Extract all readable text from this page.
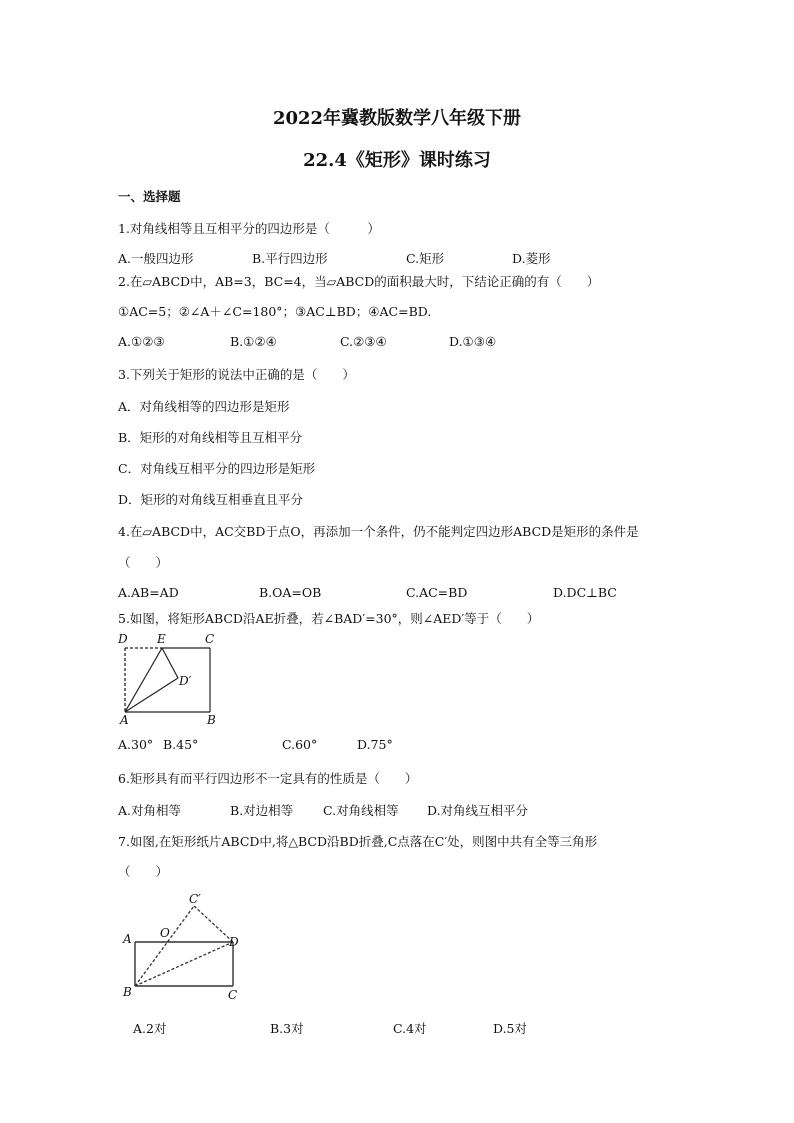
2022年冀教版数学八年级下册
22.4《矩形》课时练习
一、选择题
1.对角线相等且互相平分的四边形是（　　　）
A.一般四边形	B.平行四边形	C.矩形	D.菱形
2.在▱ABCD中，AB=3，BC=4，当▱ABCD的面积最大时，下结论正确的有（　　）
①AC=5；②∠A＋∠C=180°；③AC⊥BD；④AC=BD.
A.①②③	B.①②④	C.②③④	D.①③④
3.下列关于矩形的说法中正确的是（　　）
A．对角线相等的四边形是矩形
B．矩形的对角线相等且互相平分
C．对角线互相平分的四边形是矩形
D．矩形的对角线互相垂直且平分
4.在▱ABCD中，AC交BD于点O，再添加一个条件，仍不能判定四边形ABCD是矩形的条件是
（　　）
A.AB=AD	B.OA=OB	C.AC=BD	D.DC⊥BC
5.如图，将矩形ABCD沿AE折叠，若∠BAD′=30°，则∠AED′等于（　　）
D E	C
D′
A	B
A.30° B.45°	C.60°	D.75°
6.矩形具有而平行四边形不一定具有的性质是（　　）
A.对角相等	B.对边相等 C.对角线相等 D.对角线互相平分
7.如图,在矩形纸片ABCD中,将△BCD沿BD折叠,C点落在C′处，则图中共有全等三角形
（　　）
C′
A O
D
B	C
A.2对	B.3对	C.4对	D.5对
